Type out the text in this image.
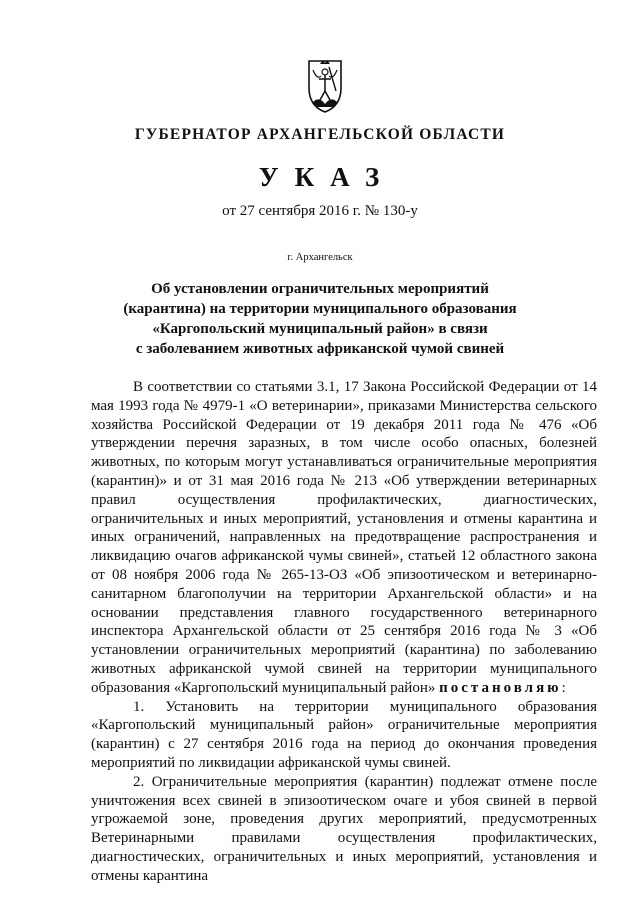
ГУБЕРНАТОР АРХАНГЕЛЬСКОЙ ОБЛАСТИ
УКАЗ
от 27 сентября 2016 г. № 130-у
г. Архангельск
Об установлении ограничительных мероприятий
(карантина) на территории муниципального образования
«Каргопольский муниципальный район» в связи
с заболеванием животных африканской чумой свиней

В соответствии со статьями 3.1, 17 Закона Российской Федерации от 14 мая 1993 года № 4979-1 «О ветеринарии», приказами Министерства сельского хозяйства Российской Федерации от 19 декабря 2011 года № 476 «Об утверждении перечня заразных, в том числе особо опасных, болезней животных, по которым могут устанавливаться ограничительные мероприятия (карантин)» и от 31 мая 2016 года № 213 «Об утверждении ветеринарных правил осуществления профилактических, диагностических, ограничительных и иных мероприятий, установления и отмены карантина и иных ограничений, направленных на предотвращение распространения и ликвидацию очагов африканской чумы свиней», статьей 12 областного закона от 08 ноября 2006 года № 265-13-ОЗ «Об эпизоотическом и ветеринарно-санитарном благополучии на территории Архангельской области» и на основании представления главного государственного ветеринарного инспектора Архангельской области от 25 сентября 2016 года № 3 «Об установлении ограничительных мероприятий (карантина) по заболеванию животных африканской чумой свиней на территории муниципального образования «Каргопольский муниципальный район» постановляю:

1. Установить на территории муниципального образования «Каргопольский муниципальный район» ограничительные мероприятия (карантин) с 27 сентября 2016 года на период до окончания проведения мероприятий по ликвидации африканской чумы свиней.

2. Ограничительные мероприятия (карантин) подлежат отмене после уничтожения всех свиней в эпизоотическом очаге и убоя свиней в первой угрожаемой зоне, проведения других мероприятий, предусмотренных Ветеринарными правилами осуществления профилактических, диагностических, ограничительных и иных мероприятий, установления и отмены карантина
